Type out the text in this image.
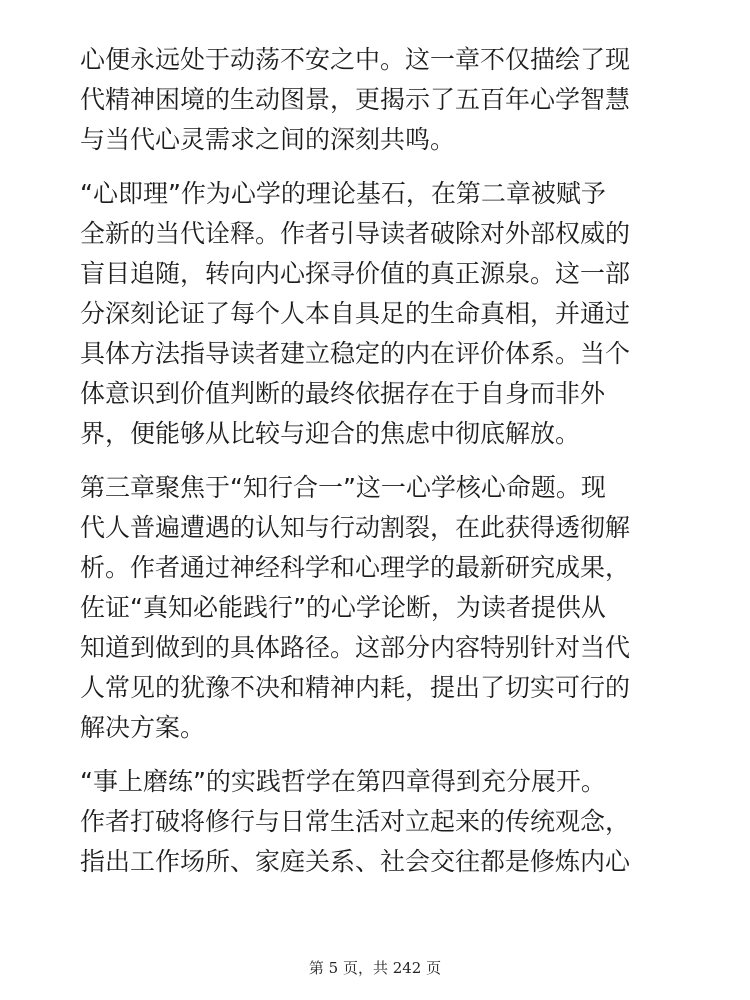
心便永远处于动荡不安之中。这一章不仅描绘了现
代精神困境的生动图景，更揭示了五百年心学智慧
与当代心灵需求之间的深刻共鸣。

“心即理”作为心学的理论基石，在第二章被赋予
全新的当代诠释。作者引导读者破除对外部权威的
盲目追随，转向内心探寻价值的真正源泉。这一部
分深刻论证了每个人本自具足的生命真相，并通过
具体方法指导读者建立稳定的内在评价体系。当个
体意识到价值判断的最终依据存在于自身而非外
界，便能够从比较与迎合的焦虑中彻底解放。

第三章聚焦于“知行合一”这一心学核心命题。现
代人普遍遭遇的认知与行动割裂，在此获得透彻解
析。作者通过神经科学和心理学的最新研究成果，
佐证“真知必能践行”的心学论断，为读者提供从
知道到做到的具体路径。这部分内容特别针对当代
人常见的犹豫不决和精神内耗，提出了切实可行的
解决方案。

“事上磨练”的实践哲学在第四章得到充分展开。
作者打破将修行与日常生活对立起来的传统观念，
指出工作场所、家庭关系、社会交往都是修炼内心

第 5 页，共 242 页
